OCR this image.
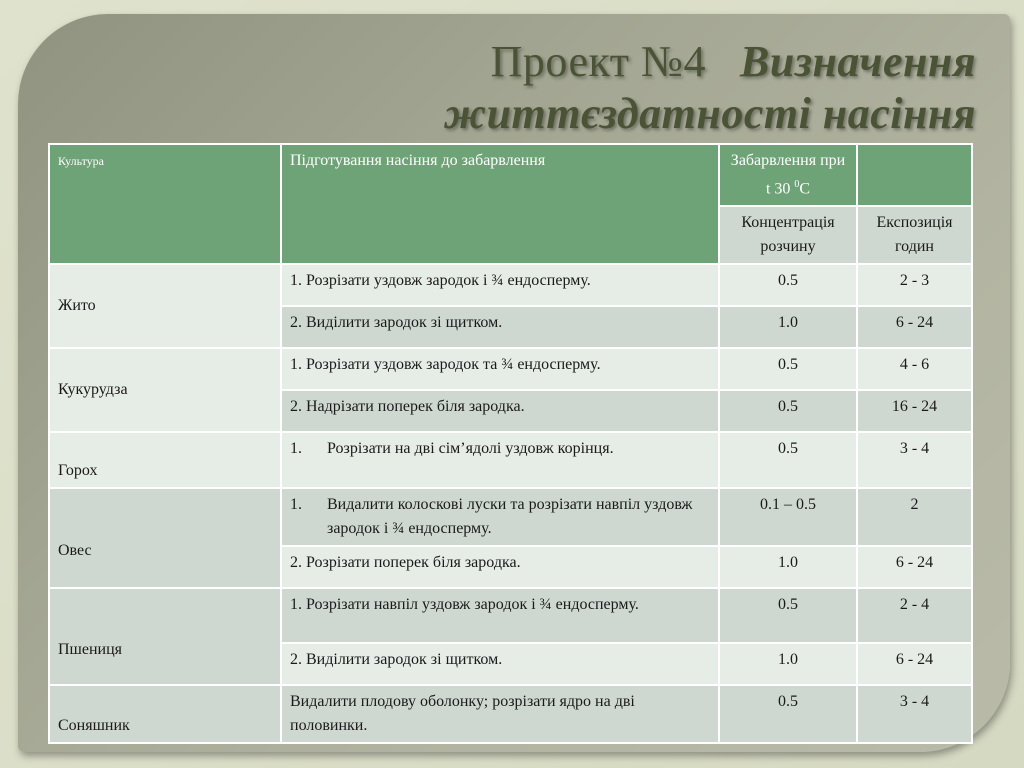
Проект №4 Визначення
життєздатності насіння
Культура	Підготування насіння до забарвлення	Забарвлення при t 30 $^0$С	
		Концентрація розчину	Експозиція годин
Жито	1. Розрізати уздовж зародок і ¾ ендосперму.	0.5	2 - 3
	2. Виділити зародок зі щитком.	1.0	6 - 24
Кукурудза	1. Розрізати уздовж зародок та ¾ ендосперму.	0.5	4 - 6
	2. Надрізати поперек біля зародка.	0.5	16 - 24
Горох	1. Розрізати на дві сім’ядолі уздовж корінця.	0.5	3 - 4
Овес	1. Видалити колоскові луски та розрізати навпіл уздовж зародок і ¾ ендосперму.	0.1 – 0.5	2
	2. Розрізати поперек біля зародка.	1.0	6 - 24
Пшениця	1. Розрізати навпіл уздовж зародок і ¾ ендосперму.	0.5	2 - 4
	2. Виділити зародок зі щитком.	1.0	6 - 24
Соняшник	Видалити плодову оболонку; розрізати ядро на дві половинки.	0.5	3 - 4
